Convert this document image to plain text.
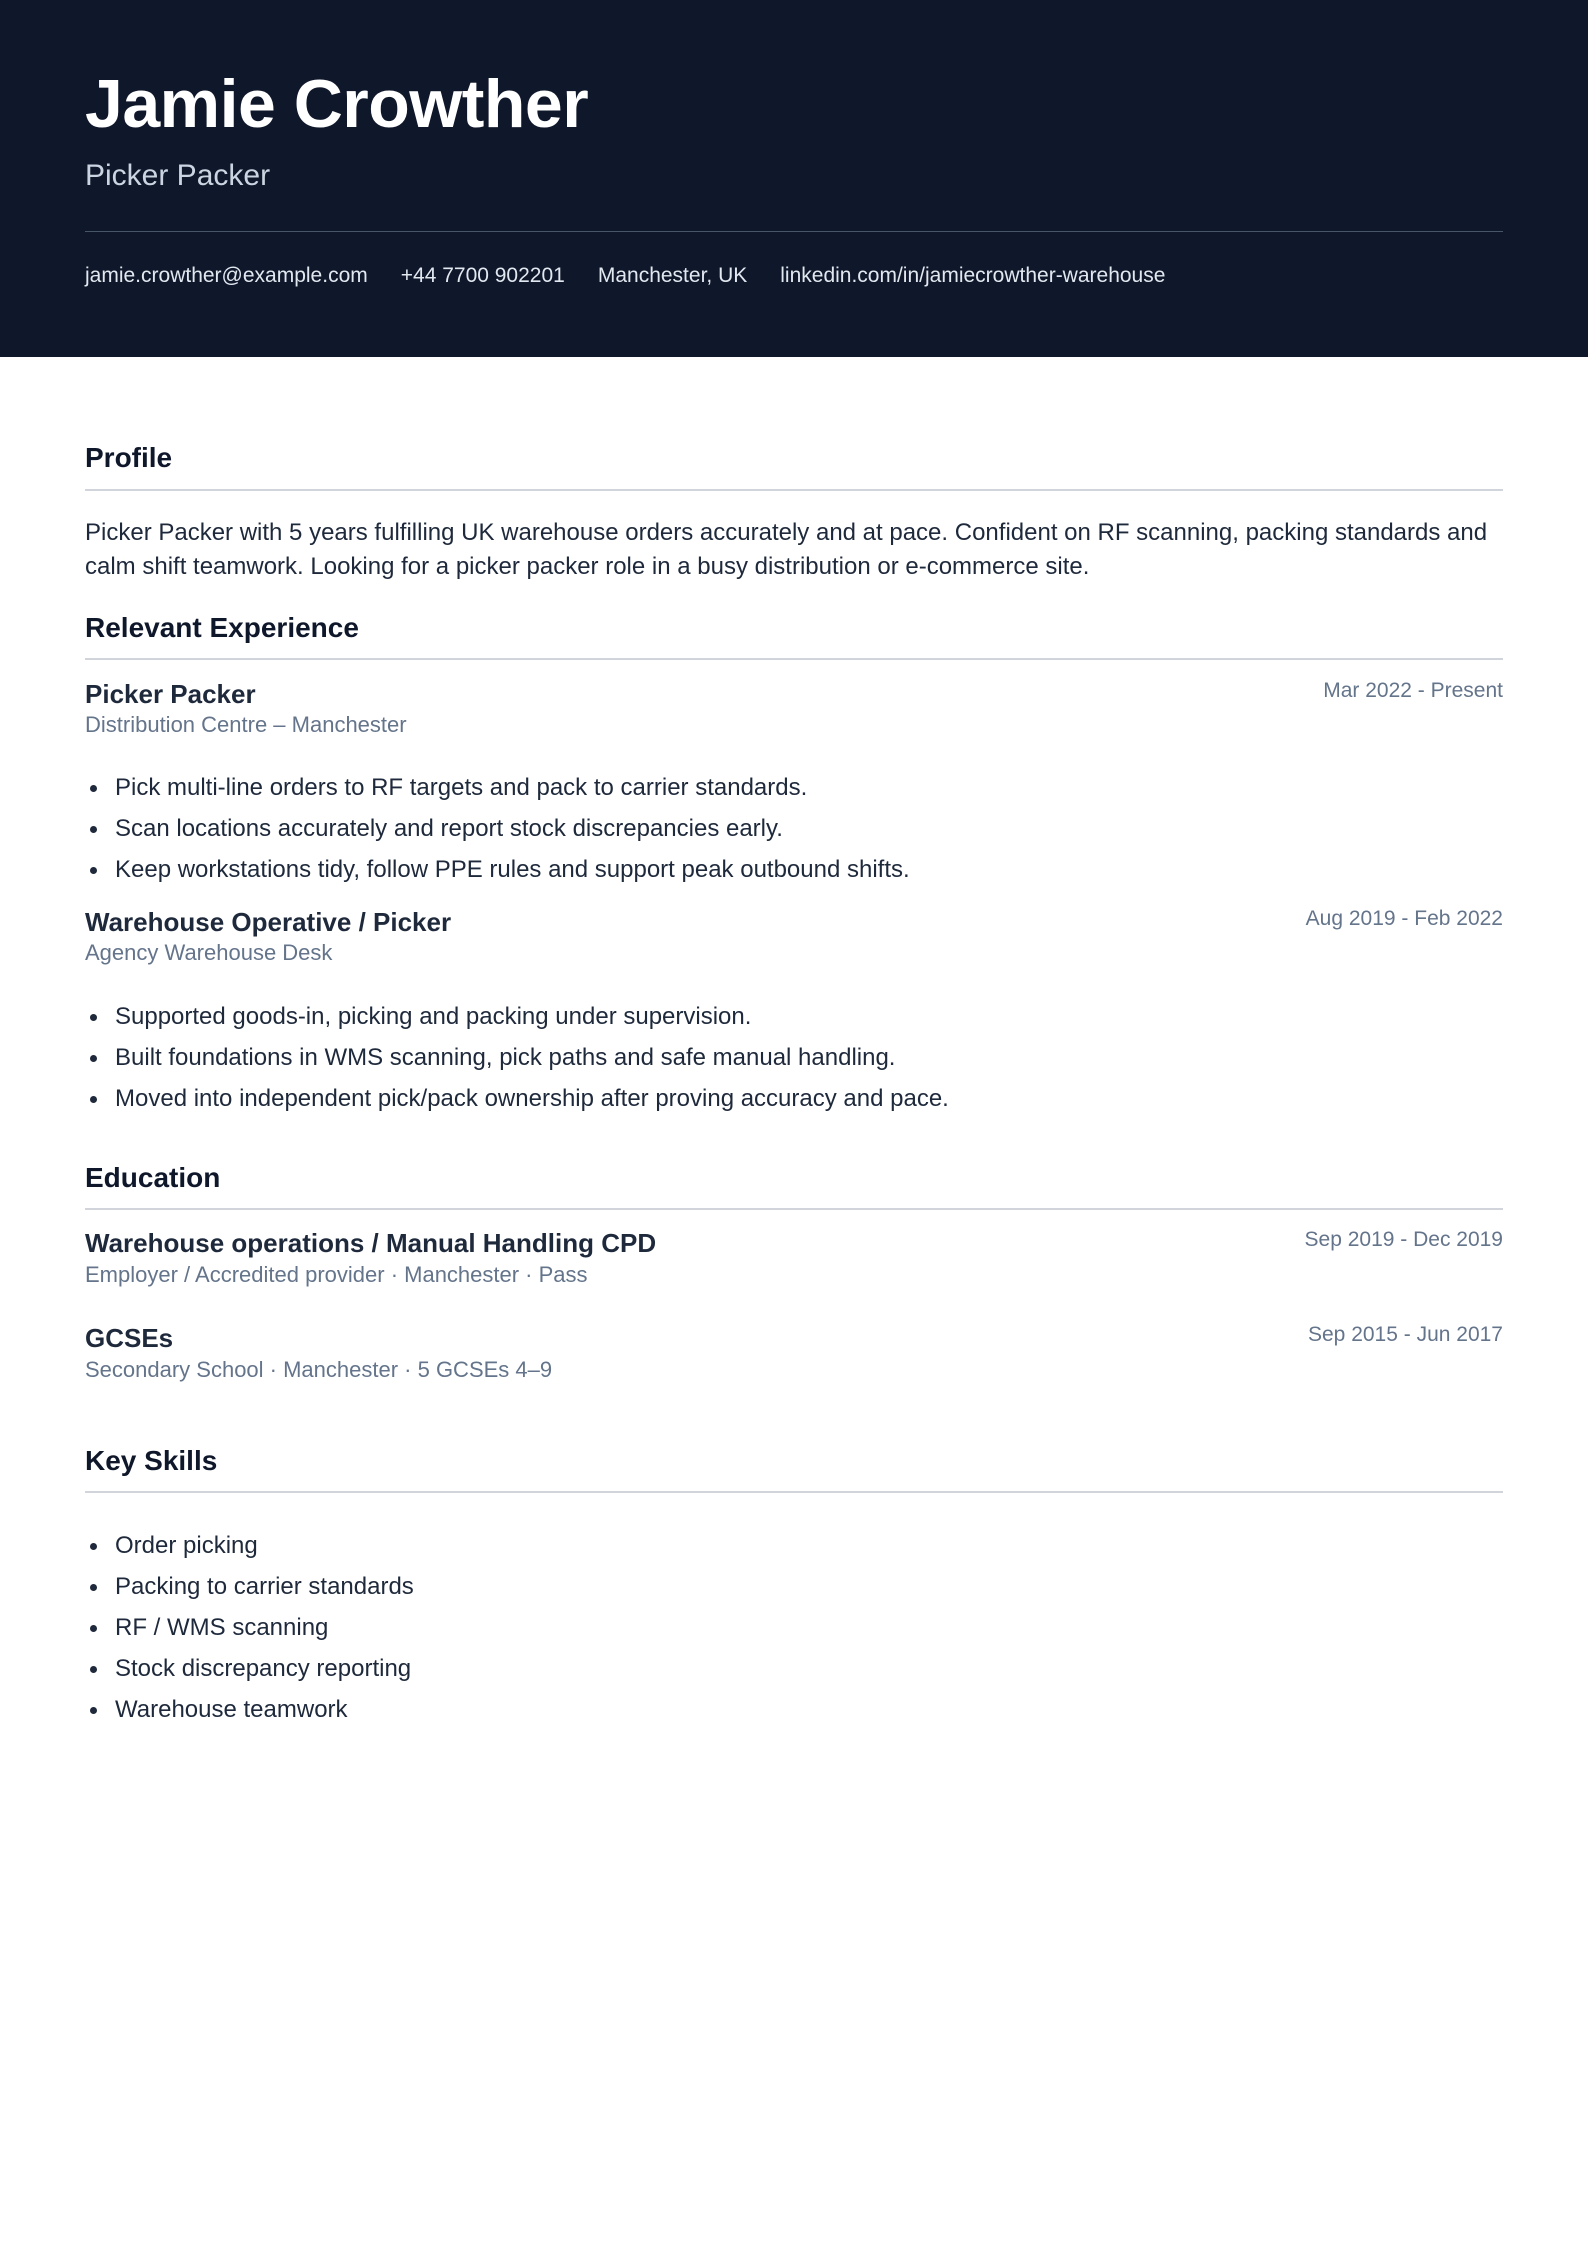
Jamie Crowther
Picker Packer
jamie.crowther@example.com +44 7700 902201 Manchester, UK linkedin.com/in/jamiecrowther-warehouse
Profile
Picker Packer with 5 years fulfilling UK warehouse orders accurately and at pace. Confident on RF scanning, packing standards and calm shift teamwork. Looking for a picker packer role in a busy distribution or e-commerce site.
Relevant Experience
Picker Packer	Mar 2022 - Present
Distribution Centre – Manchester
Pick multi-line orders to RF targets and pack to carrier standards.
Scan locations accurately and report stock discrepancies early.
Keep workstations tidy, follow PPE rules and support peak outbound shifts.
Warehouse Operative / Picker	Aug 2019 - Feb 2022
Agency Warehouse Desk
Supported goods-in, picking and packing under supervision.
Built foundations in WMS scanning, pick paths and safe manual handling.
Moved into independent pick/pack ownership after proving accuracy and pace.
Education
Warehouse operations / Manual Handling CPD	Sep 2019 - Dec 2019
Employer / Accredited provider · Manchester · Pass
GCSEs	Sep 2015 - Jun 2017
Secondary School · Manchester · 5 GCSEs 4–9
Key Skills
Order picking
Packing to carrier standards
RF / WMS scanning
Stock discrepancy reporting
Warehouse teamwork
